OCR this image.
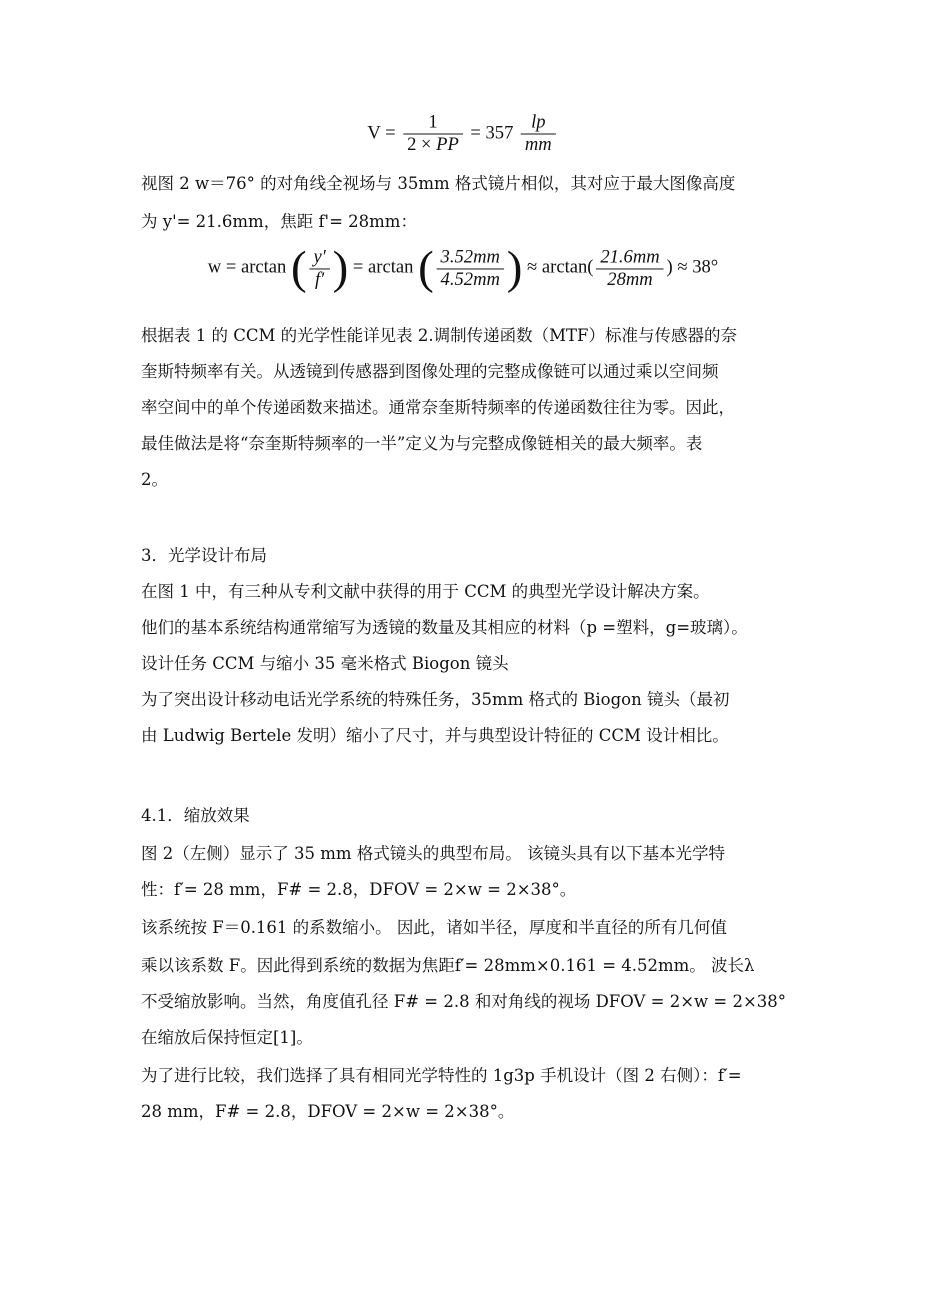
$V = \frac{1}{2 \times PP} = 357 \frac{lp}{mm}$
视图 2 w＝76° 的对角线全视场与 35mm 格式镜片相似，其对应于最大图像高度
为 y'= 21.6mm，焦距 f'= 28mm：
w = arctan ( $\frac{y'}{f'}$ ) = arctan ( $\frac{3.52mm}{4.52mm}$ ) ≈ $\arctan( \frac{21.6mm}{28mm}$ ) ≈ 38°
根据表 1 的 CCM 的光学性能详见表 2.调制传递函数（MTF）标准与传感器的奈
奎斯特频率有关。从透镜到传感器到图像处理的完整成像链可以通过乘以空间频
率空间中的单个传递函数来描述。通常奈奎斯特频率的传递函数往往为零。因此，
最佳做法是将“奈奎斯特频率的一半”定义为与完整成像链相关的最大频率。表
2。
3．光学设计布局
在图 1 中，有三种从专利文献中获得的用于 CCM 的典型光学设计解决方案。
他们的基本系统结构通常缩写为透镜的数量及其相应的材料（p =塑料，g=玻璃）。
设计任务 CCM 与缩小 35 毫米格式 Biogon 镜头
为了突出设计移动电话光学系统的特殊任务，35mm 格式的 Biogon 镜头（最初
由 Ludwig Bertele 发明）缩小了尺寸，并与典型设计特征的 CCM 设计相比。
4.1．缩放效果
图 2（左侧）显示了 35 mm 格式镜头的典型布局。 该镜头具有以下基本光学特
性：f′= 28 mm，F# = 2.8，DFOV = 2×w = 2×38°。
该系统按 F＝0.161 的系数缩小。 因此，诸如半径，厚度和半直径的所有几何值
乘以该系数 F。因此得到系统的数据为焦距f′= 28mm×0.161 = 4.52mm。 波长λ
不受缩放影响。当然，角度值孔径 F# = 2.8 和对角线的视场 DFOV = 2×w = 2×38°
在缩放后保持恒定[1]。
为了进行比较，我们选择了具有相同光学特性的 1g3p 手机设计（图 2 右侧）：f′=
28 mm，F# = 2.8，DFOV = 2×w = 2×38°。
